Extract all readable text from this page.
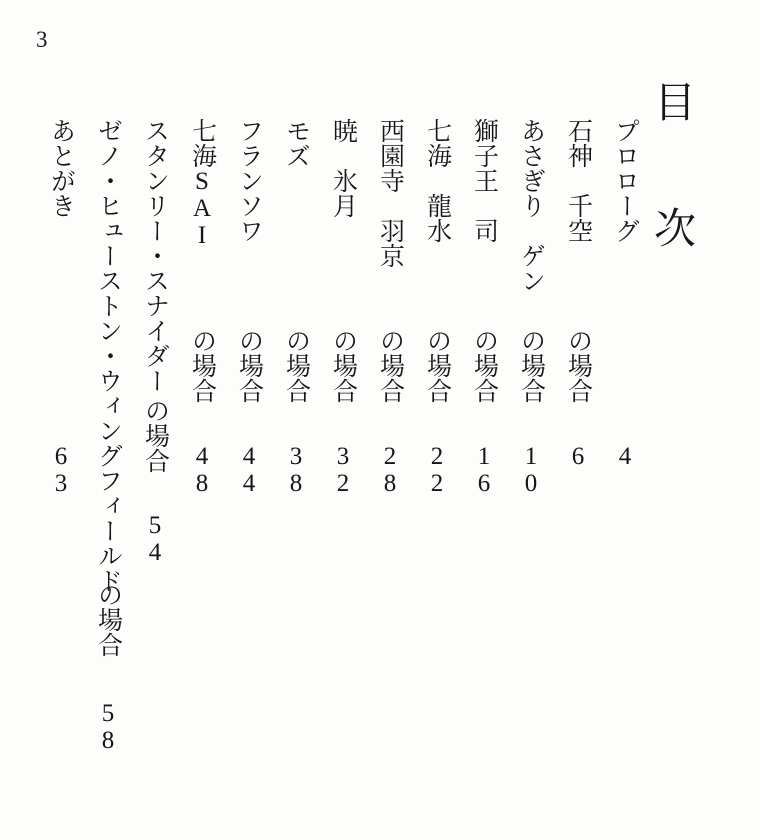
3
目　次
プロローグ
4
石神　千空
の場合
6
あさぎり　ゲン
の場合
10
獅子王　司
の場合
16
七海　龍水
の場合
22
西園寺　羽京
の場合
28
暁　氷月
の場合
32
モズ
の場合
38
フランソワ
の場合
44
七海SAI
の場合
48
スタンリー・スナイダー
の場合
54
ゼノ・ヒューストン・ウィングフィールド
の場合
58
あとがき
63
